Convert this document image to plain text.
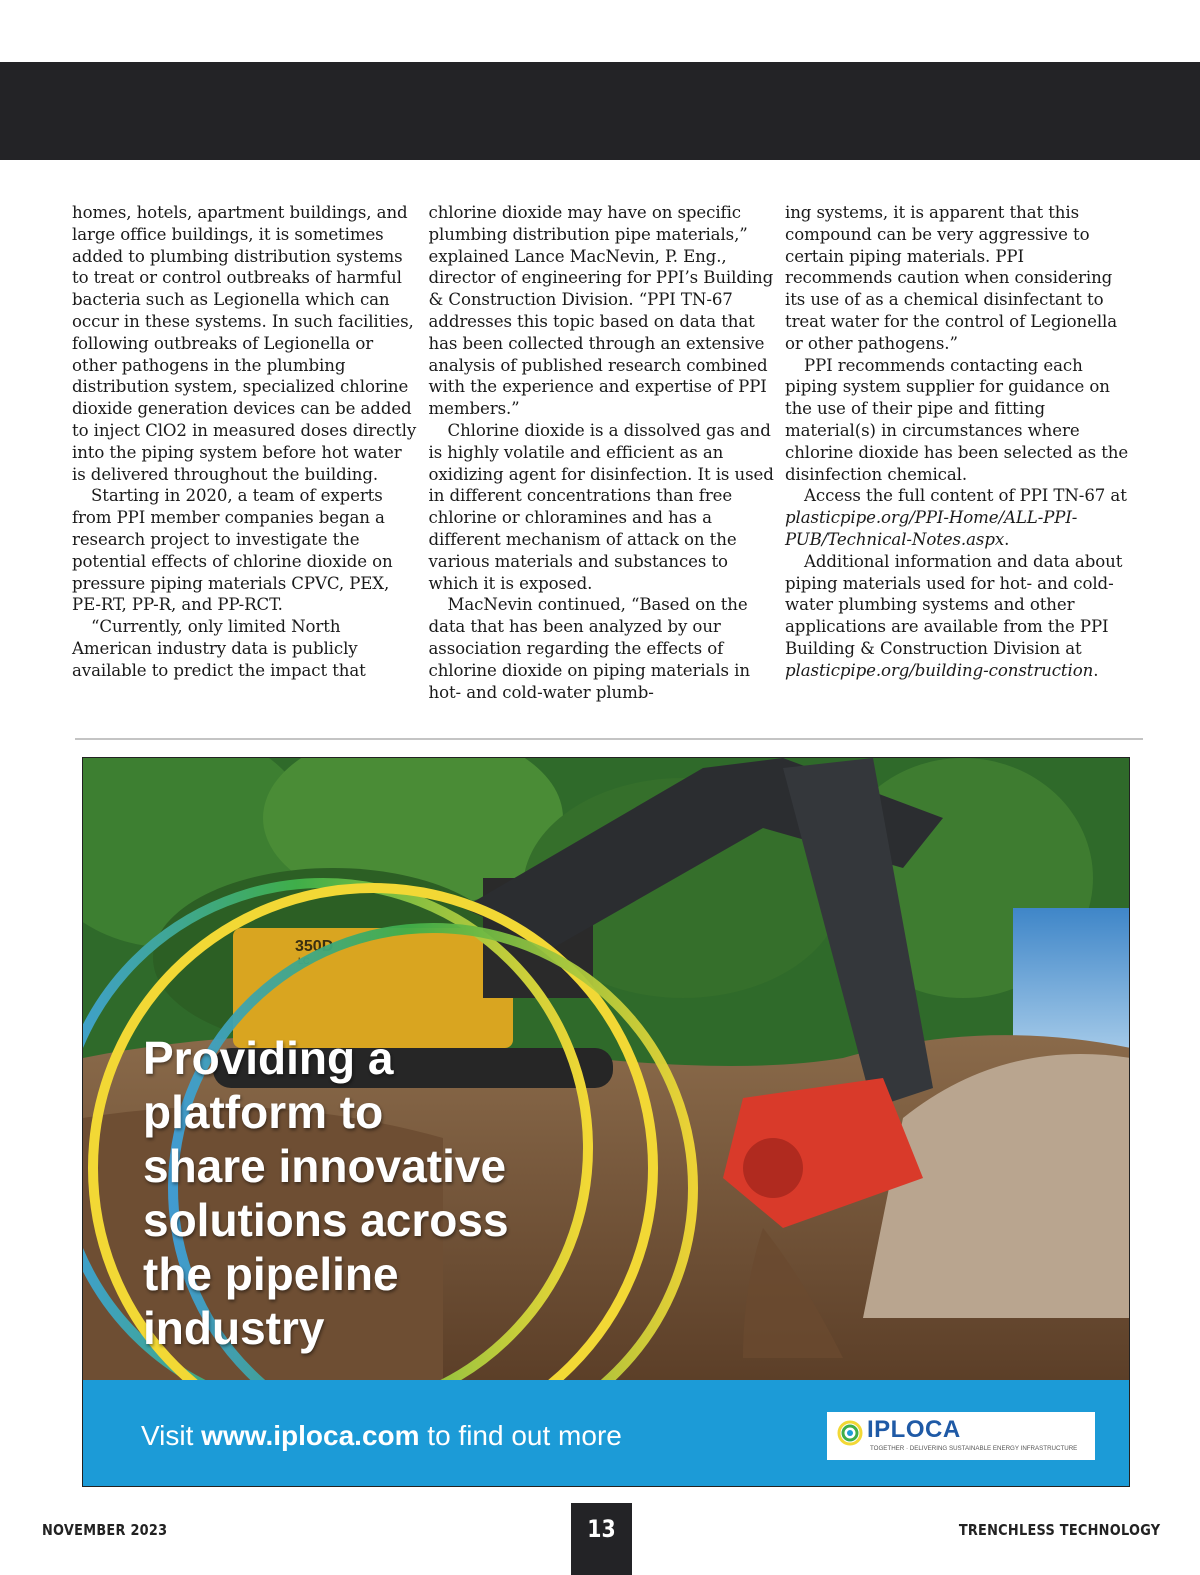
homes, hotels, apartment buildings, and large office buildings, it is sometimes added to plumbing distribution systems to treat or control outbreaks of harmful bacteria such as Legionella which can occur in these systems. In such facilities, following outbreaks of Legionella or other pathogens in the plumbing distribution system, specialized chlorine dioxide generation devices can be added to inject ClO2 in measured doses directly into the piping system before hot water is delivered throughout the building.

Starting in 2020, a team of experts from PPI member companies began a research project to investigate the potential effects of chlorine dioxide on pressure piping materials CPVC, PEX, PE-RT, PP-R, and PP-RCT.

“Currently, only limited North American industry data is publicly available to predict the impact that

chlorine dioxide may have on specific plumbing distribution pipe materials,” explained Lance MacNevin, P. Eng., director of engineering for PPI’s Building & Construction Division. “PPI TN-67 addresses this topic based on data that has been collected through an extensive analysis of published research combined with the experience and expertise of PPI members.”

Chlorine dioxide is a dissolved gas and is highly volatile and efficient as an oxidizing agent for disinfection. It is used in different concentrations than free chlorine or chloramines and has a different mechanism of attack on the various materials and substances to which it is exposed.

MacNevin continued, “Based on the data that has been analyzed by our association regarding the effects of chlorine dioxide on piping materials in hot- and cold-water plumb-

ing systems, it is apparent that this compound can be very aggressive to certain piping materials. PPI recommends caution when considering its use of as a chemical disinfectant to treat water for the control of Legionella or other pathogens.”

PPI recommends contacting each piping system supplier for guidance on the use of their pipe and fitting material(s) in circumstances where chlorine dioxide has been selected as the disinfection chemical.

Access the full content of PPI TN-67 at plasticpipe.org/PPI-Home/ALL-PPI-PUB/Technical-Notes.aspx.

Additional information and data about piping materials used for hot- and cold-water plumbing systems and other applications are available from the PPI Building & Construction Division at plasticpipe.org/building-construction.

350D
LC
Providing a
platform to
share innovative
solutions across
the pipeline
industry
Visit www.iploca.com to find out more	IPLOCA
TOGETHER · DELIVERING SUSTAINABLE ENERGY INFRASTRUCTURE
NOVEMBER 2023	13	TRENCHLESS TECHNOLOGY
